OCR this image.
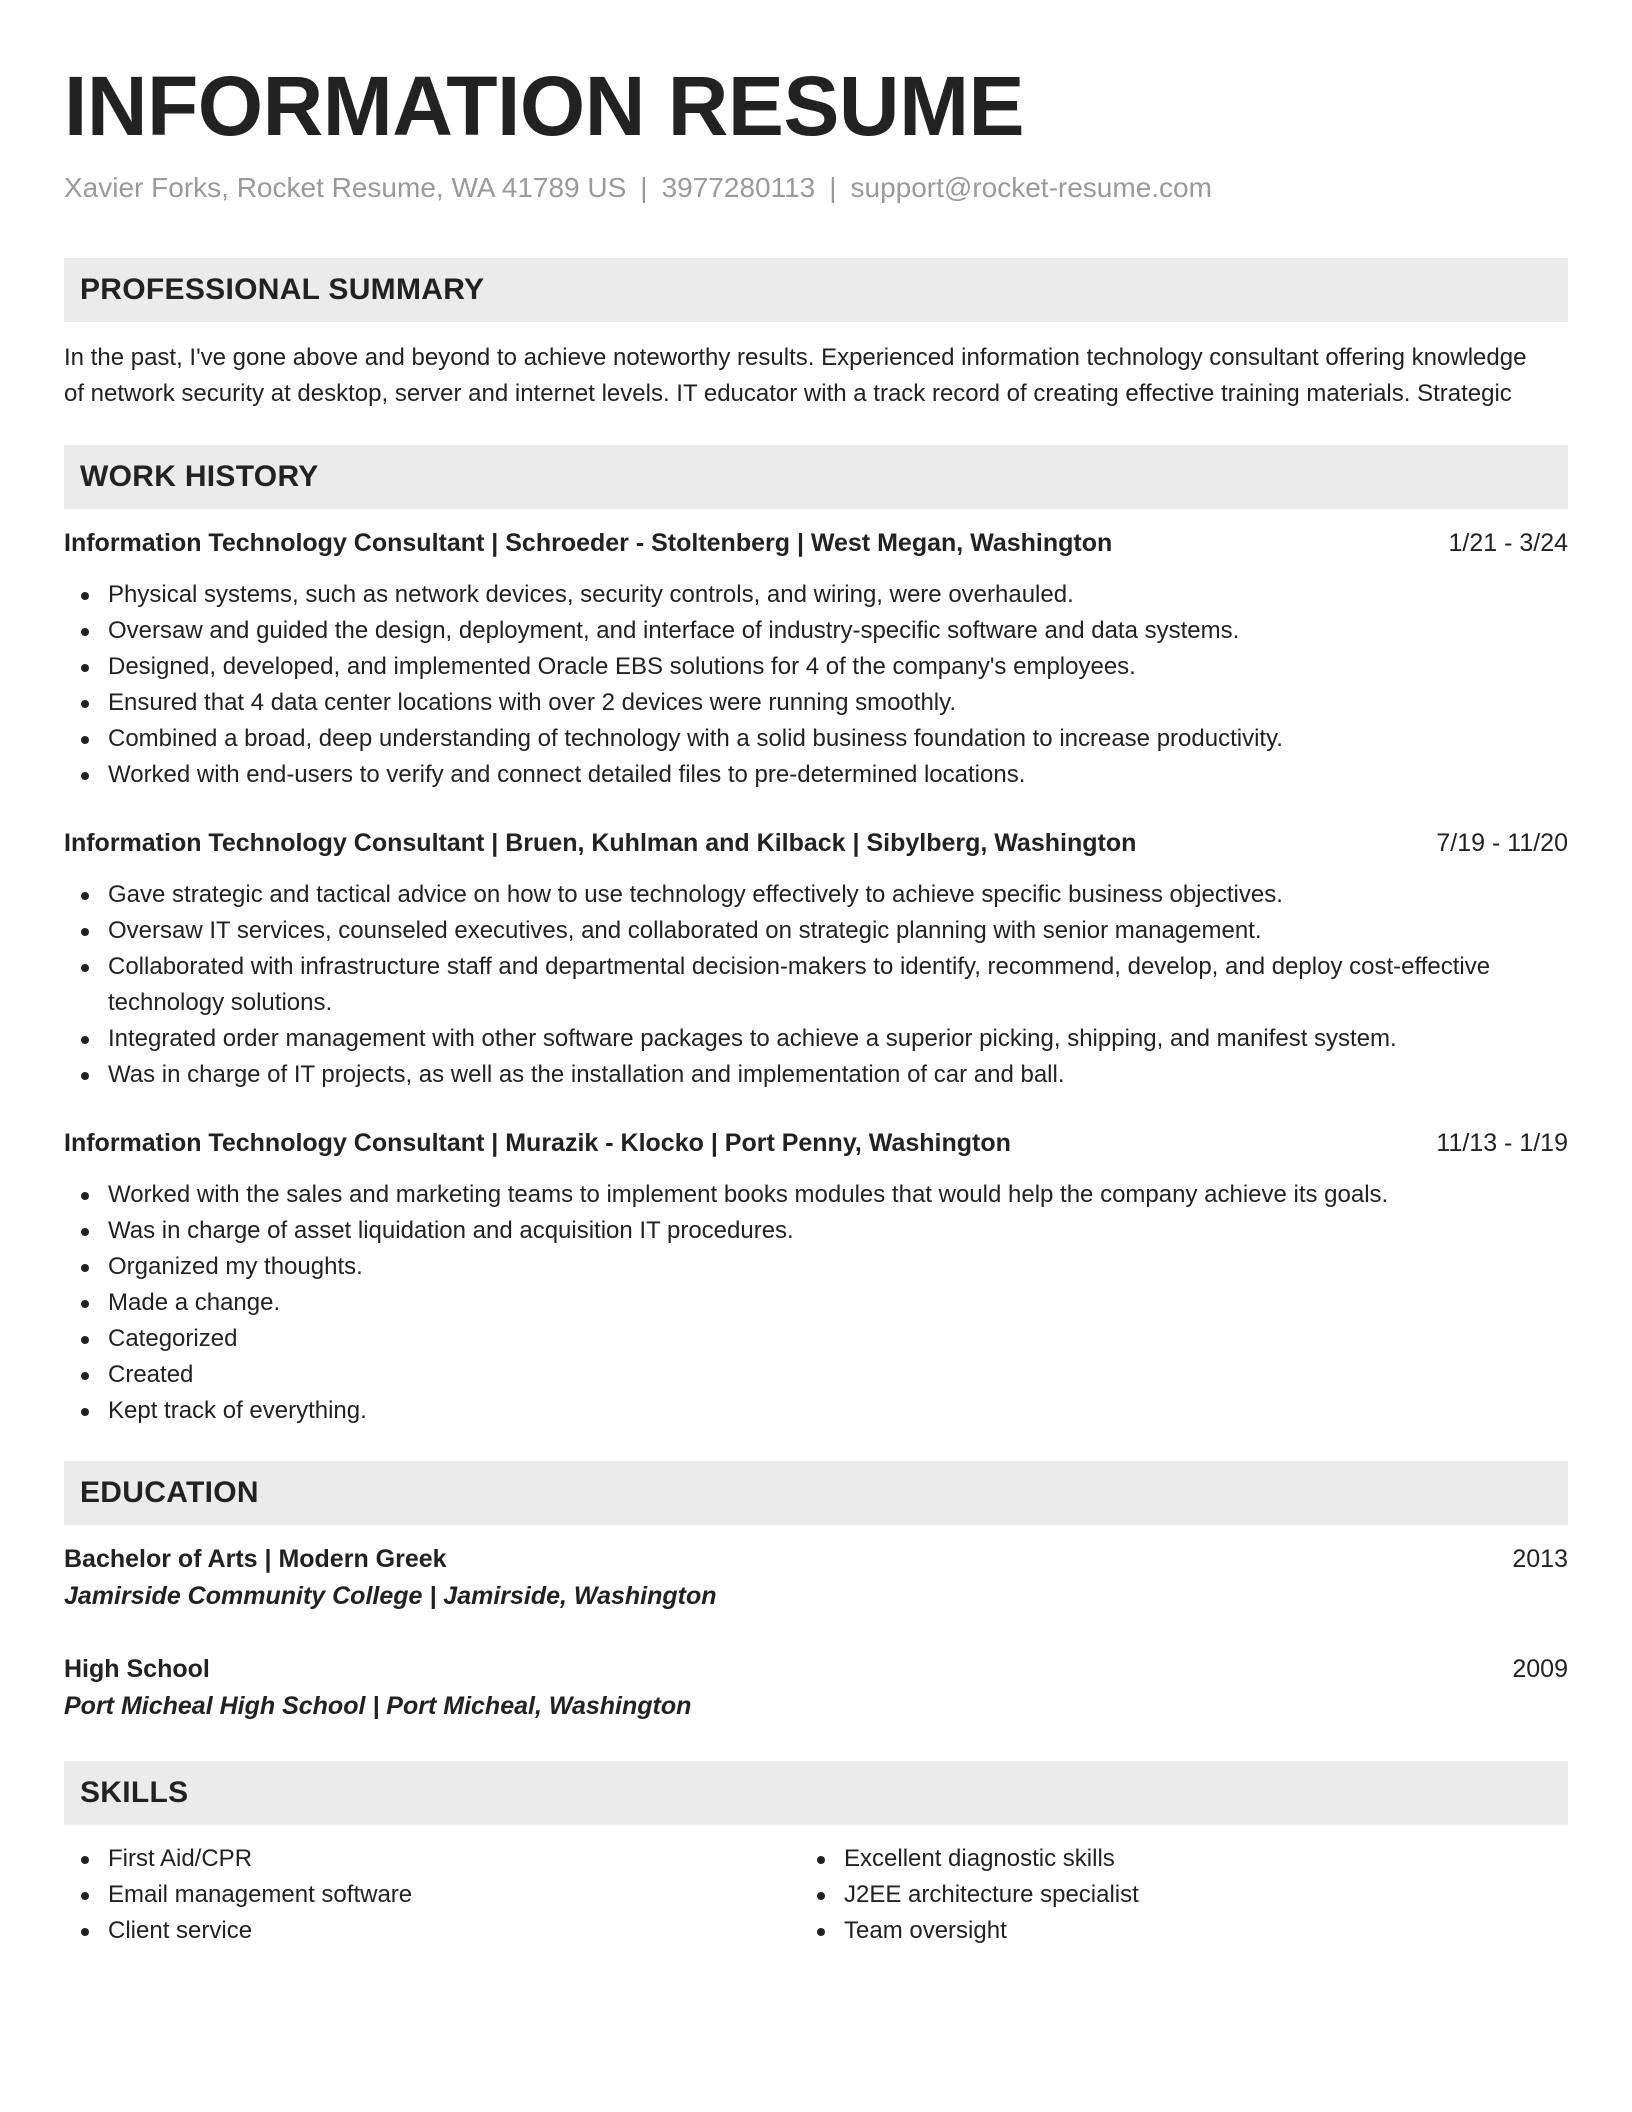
INFORMATION RESUME
Xavier Forks, Rocket Resume, WA 41789 US | 3977280113 | support@rocket-resume.com
PROFESSIONAL SUMMARY

In the past, I've gone above and beyond to achieve noteworthy results. Experienced information technology consultant offering knowledge of network security at desktop, server and internet levels. IT educator with a track record of creating effective training materials. Strategic

WORK HISTORY
Information Technology Consultant | Schroeder - Stoltenberg | West Megan, Washington	1/21 - 3/24
Physical systems, such as network devices, security controls, and wiring, were overhauled.
Oversaw and guided the design, deployment, and interface of industry-specific software and data systems.
Designed, developed, and implemented Oracle EBS solutions for 4 of the company's employees.
Ensured that 4 data center locations with over 2 devices were running smoothly.
Combined a broad, deep understanding of technology with a solid business foundation to increase productivity.
Worked with end-users to verify and connect detailed files to pre-determined locations.
Information Technology Consultant | Bruen, Kuhlman and Kilback | Sibylberg, Washington	7/19 - 11/20
Gave strategic and tactical advice on how to use technology effectively to achieve specific business objectives.
Oversaw IT services, counseled executives, and collaborated on strategic planning with senior management.
Collaborated with infrastructure staff and departmental decision-makers to identify, recommend, develop, and deploy cost-effective technology solutions.
Integrated order management with other software packages to achieve a superior picking, shipping, and manifest system.
Was in charge of IT projects, as well as the installation and implementation of car and ball.
Information Technology Consultant | Murazik - Klocko | Port Penny, Washington	11/13 - 1/19
Worked with the sales and marketing teams to implement books modules that would help the company achieve its goals.
Was in charge of asset liquidation and acquisition IT procedures.
Organized my thoughts.
Made a change.
Categorized
Created
Kept track of everything.
EDUCATION
Bachelor of Arts | Modern Greek	2013
Jamirside Community College | Jamirside, Washington
High School	2009
Port Micheal High School | Port Micheal, Washington
SKILLS
First Aid/CPR
Email management software
Client service
Excellent diagnostic skills
J2EE architecture specialist
Team oversight
